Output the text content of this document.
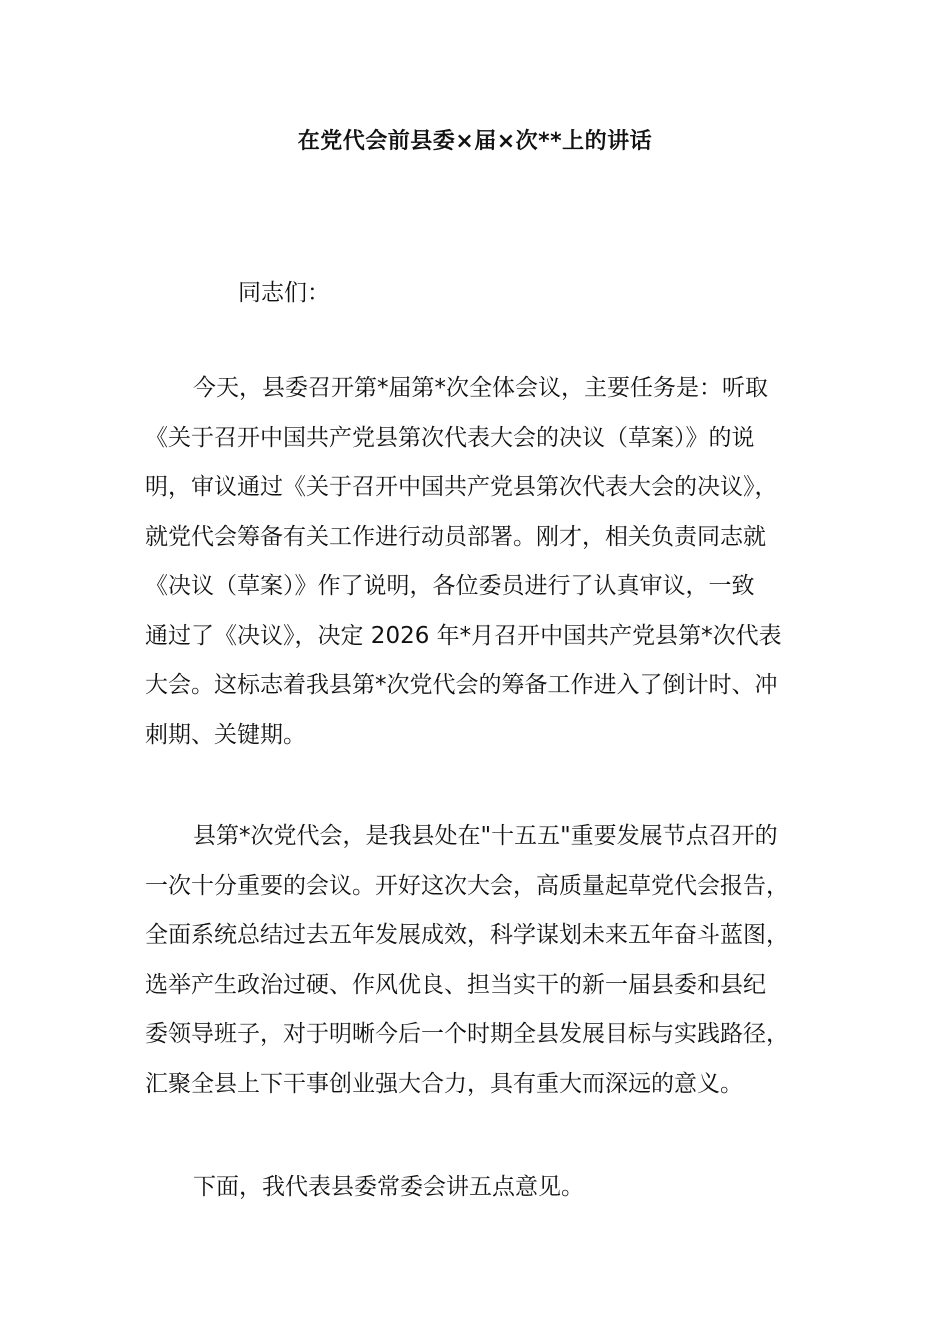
在党代会前县委×届×次**上的讲话
同志们：
今天，县委召开第*届第*次全体会议，主要任务是：听取
《关于召开中国共产党县第次代表大会的决议（草案）》的说
明，审议通过《关于召开中国共产党县第次代表大会的决议》，
就党代会筹备有关工作进行动员部署。刚才，相关负责同志就
《决议（草案）》作了说明，各位委员进行了认真审议，一致
通过了《决议》，决定 2026 年*月召开中国共产党县第*次代表
大会。这标志着我县第*次党代会的筹备工作进入了倒计时、冲
刺期、关键期。
县第*次党代会，是我县处在"十五五"重要发展节点召开的
一次十分重要的会议。开好这次大会，高质量起草党代会报告，
全面系统总结过去五年发展成效，科学谋划未来五年奋斗蓝图，
选举产生政治过硬、作风优良、担当实干的新一届县委和县纪
委领导班子，对于明晰今后一个时期全县发展目标与实践路径，
汇聚全县上下干事创业强大合力，具有重大而深远的意义。
下面，我代表县委常委会讲五点意见。
